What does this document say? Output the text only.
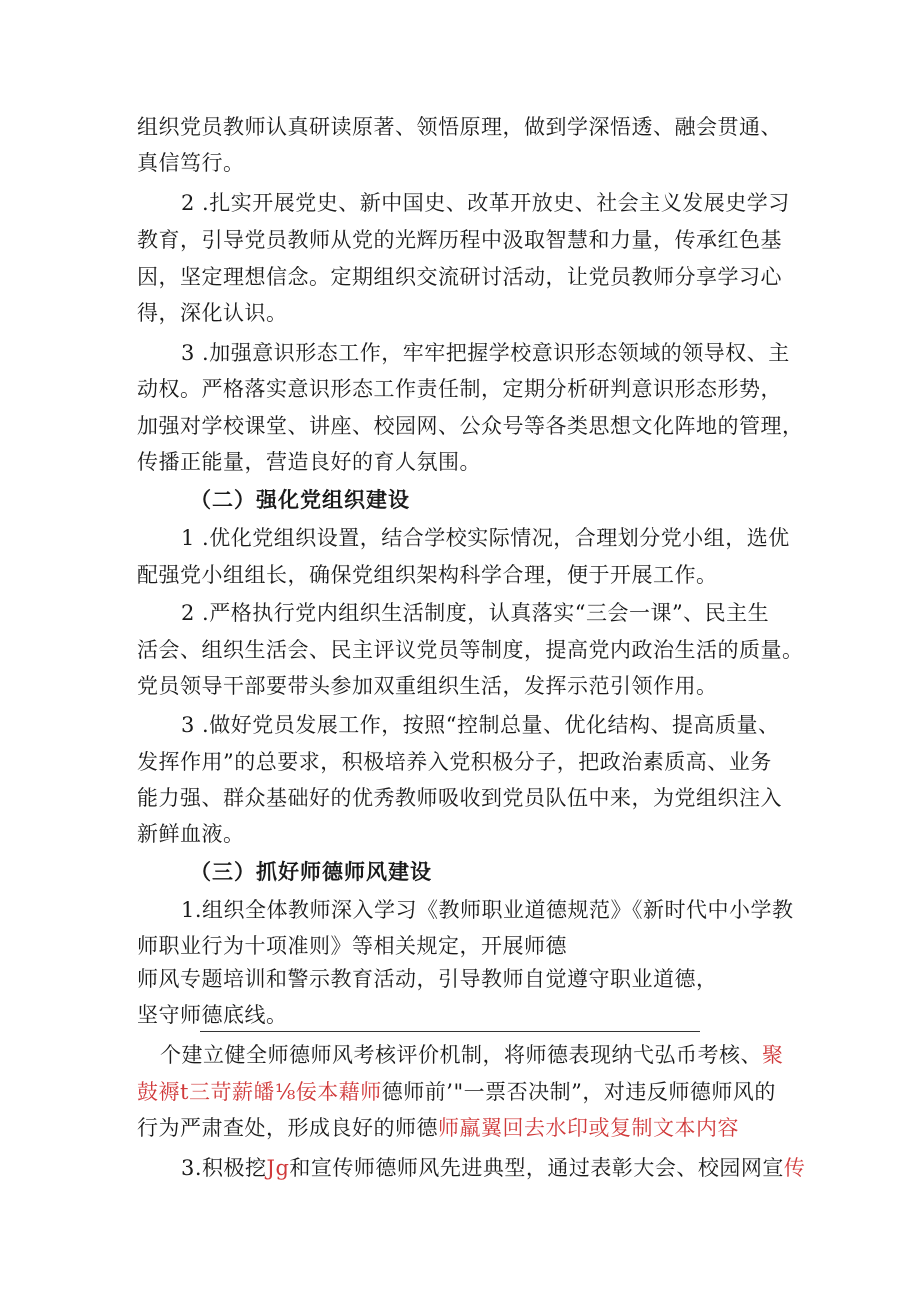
组织党员教师认真研读原著、领悟原理，做到学深悟透、融会贯通、

真信笃行。

2 .扎实开展党史、新中国史、改革开放史、社会主义发展史学习

教育，引导党员教师从党的光辉历程中汲取智慧和力量，传承红色基

因，坚定理想信念。定期组织交流研讨活动，让党员教师分享学习心

得，深化认识。

3 .加强意识形态工作，牢牢把握学校意识形态领域的领导权、主

动权。严格落实意识形态工作责任制，定期分析研判意识形态形势，

加强对学校课堂、讲座、校园网、公众号等各类思想文化阵地的管理，

传播正能量，营造良好的育人氛围。

（二）强化党组织建设

1 .优化党组织设置，结合学校实际情况，合理划分党小组，选优

配强党小组组长，确保党组织架构科学合理，便于开展工作。

2 .严格执行党内组织生活制度，认真落实“三会一课”、民主生

活会、组织生活会、民主评议党员等制度，提高党内政治生活的质量。

党员领导干部要带头参加双重组织生活，发挥示范引领作用。

3 .做好党员发展工作，按照“控制总量、优化结构、提高质量、

发挥作用”的总要求，积极培养入党积极分子，把政治素质高、业务

能力强、群众基础好的优秀教师吸收到党员队伍中来，为党组织注入

新鲜血液。

（三）抓好师德师风建设

1.组织全体教师深入学习《教师职业道德规范》《新时代中小学教

师职业行为十项准则》等相关规定，开展师德

师风专题培训和警示教育活动，引导教师自觉遵守职业道德，

坚守师德底线。

个建立健全师德师风考核评价机制，将师德表现纳弋弘币考核、聚

鼓褥t三苛薪皤⅛佞本藉师德师前’"一票否决制”，对违反师德师风的

行为严肃查处，形成良好的师德师羸翼回去水印或复制文本内容

3.积极挖Jg和宣传师德师风先进典型，通过表彰大会、校园网宣传
